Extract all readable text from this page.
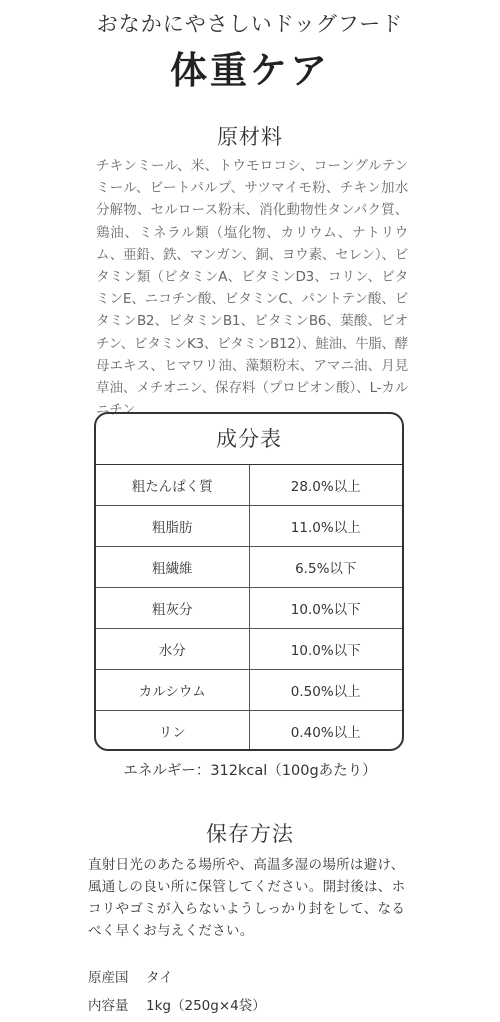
おなかにやさしいドッグフード
体重ケア
原材料
チキンミール、米、トウモロコシ、コーングルテンミール、ビートパルプ、サツマイモ粉、チキン加水分解物、セルロース粉末、消化動物性タンパク質、鶏油、ミネラル類（塩化物、カリウム、ナトリウム、亜鉛、鉄、マンガン、銅、ヨウ素、セレン）、ビタミン類（ビタミンA、ビタミンD3、コリン、ビタミンE、ニコチン酸、ビタミンC、パントテン酸、ビタミンB2、ビタミンB1、ビタミンB6、葉酸、ビオチン、ビタミンK3、ビタミンB12）、鮭油、牛脂、酵母エキス、ヒマワリ油、藻類粉末、アマニ油、月見草油、メチオニン、保存料（プロピオン酸）、L-カルニチン
成分表
粗たんぱく質	28.0%以上
粗脂肪	11.0%以上
粗繊維	6.5%以下
粗灰分	10.0%以下
水分	10.0%以下
カルシウム	0.50%以上
リン	0.40%以上
エネルギー：312kcal（100gあたり）
保存方法
直射日光のあたる場所や、高温多湿の場所は避け、風通しの良い所に保管してください。開封後は、ホコリやゴミが入らないようしっかり封をして、なるべく早くお与えください。
原産国 タイ
内容量 1kg（250g×4袋）
